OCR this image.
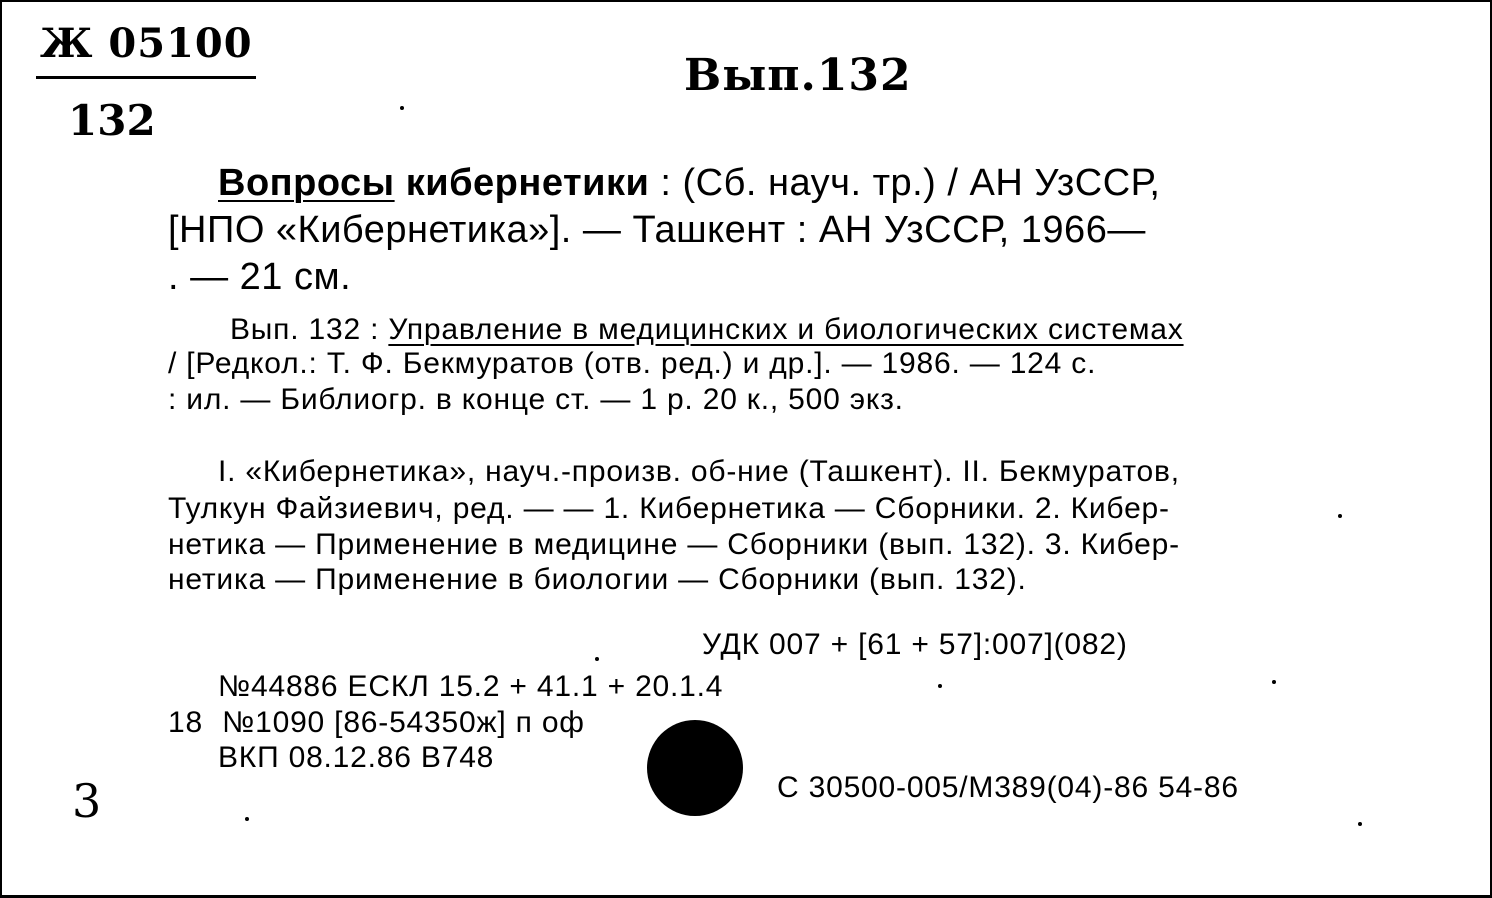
Ж 05100
132
Вып.132
Вопросы кибернетики : (Сб. науч. тр.) / АН УзССР,
[НПО «Кибернетика»]. — Ташкент : АН УзССР, 1966—
. — 21 см.
Вып. 132 : Управление в медицинских и биологических системах
/ [Редкол.: Т. Ф. Бекмуратов (отв. ред.) и др.]. — 1986. — 124 с.
: ил. — Библиогр. в конце ст. — 1 р. 20 к., 500 экз.
I. «Кибернетика», науч.-произв. об-ние (Ташкент). II. Бекмуратов,
Тулкун Файзиевич, ред. — — 1. Кибернетика — Сборники. 2. Кибер-
нетика — Применение в медицине — Сборники (вып. 132). 3. Кибер-
нетика — Применение в биологии — Сборники (вып. 132).
УДК 007 + [61 + 57]:007](082)
№44886 ЕСКЛ 15.2 + 41.1 + 20.1.4
18 №1090 [86-54350ж] п оф
ВКП 08.12.86 В748
3	С 30500-005/М389(04)-86 54-86
